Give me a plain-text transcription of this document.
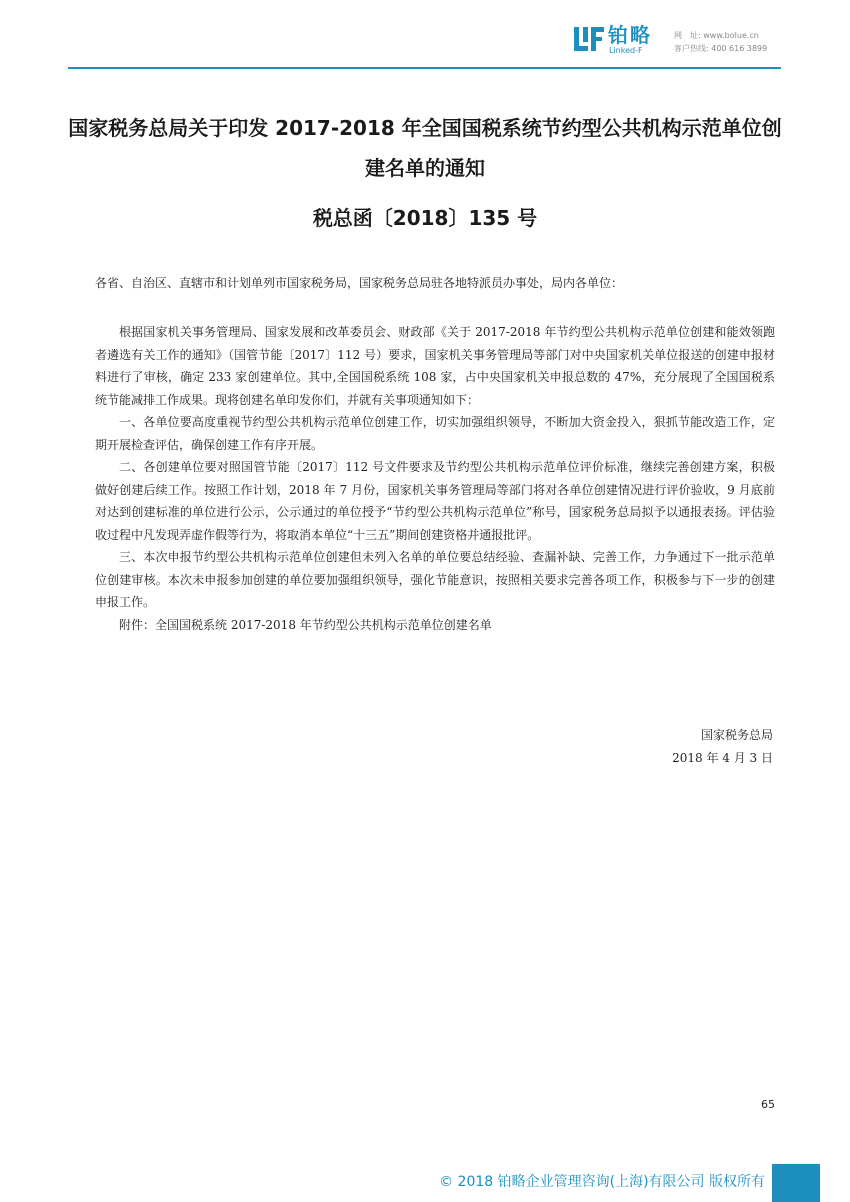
铂略
Linked-F
网　址: www.bolue.cn
客户热线: 400 616 3899
国家税务总局关于印发 2017-2018 年全国国税系统节约型公共机构示范单位创建名单的通知
税总函〔2018〕135 号
各省、自治区、直辖市和计划单列市国家税务局，国家税务总局驻各地特派员办事处，局内各单位：

根据国家机关事务管理局、国家发展和改革委员会、财政部《关于 2017-2018 年节约型公共机构示范单位创建和能效领跑者遴选有关工作的通知》（国管节能〔2017〕112 号）要求，国家机关事务管理局等部门对中央国家机关单位报送的创建申报材料进行了审核，确定 233 家创建单位。其中,全国国税系统 108 家，占中央国家机关申报总数的 47%，充分展现了全国国税系统节能减排工作成果。现将创建名单印发你们，并就有关事项通知如下：

一、各单位要高度重视节约型公共机构示范单位创建工作，切实加强组织领导，不断加大资金投入，狠抓节能改造工作，定期开展检查评估，确保创建工作有序开展。

二、各创建单位要对照国管节能〔2017〕112 号文件要求及节约型公共机构示范单位评价标准，继续完善创建方案，积极做好创建后续工作。按照工作计划，2018 年 7 月份，国家机关事务管理局等部门将对各单位创建情况进行评价验收，9 月底前对达到创建标准的单位进行公示，公示通过的单位授予“节约型公共机构示范单位”称号，国家税务总局拟予以通报表扬。评估验收过程中凡发现弄虚作假等行为，将取消本单位“十三五”期间创建资格并通报批评。

三、本次申报节约型公共机构示范单位创建但未列入名单的单位要总结经验、查漏补缺、完善工作，力争通过下一批示范单位创建审核。本次未申报参加创建的单位要加强组织领导，强化节能意识，按照相关要求完善各项工作，积极参与下一步的创建申报工作。

附件：全国国税系统 2017-2018 年节约型公共机构示范单位创建名单

国家税务总局
2018 年 4 月 3 日
65
© 2018 铂略企业管理咨询(上海)有限公司 版权所有
